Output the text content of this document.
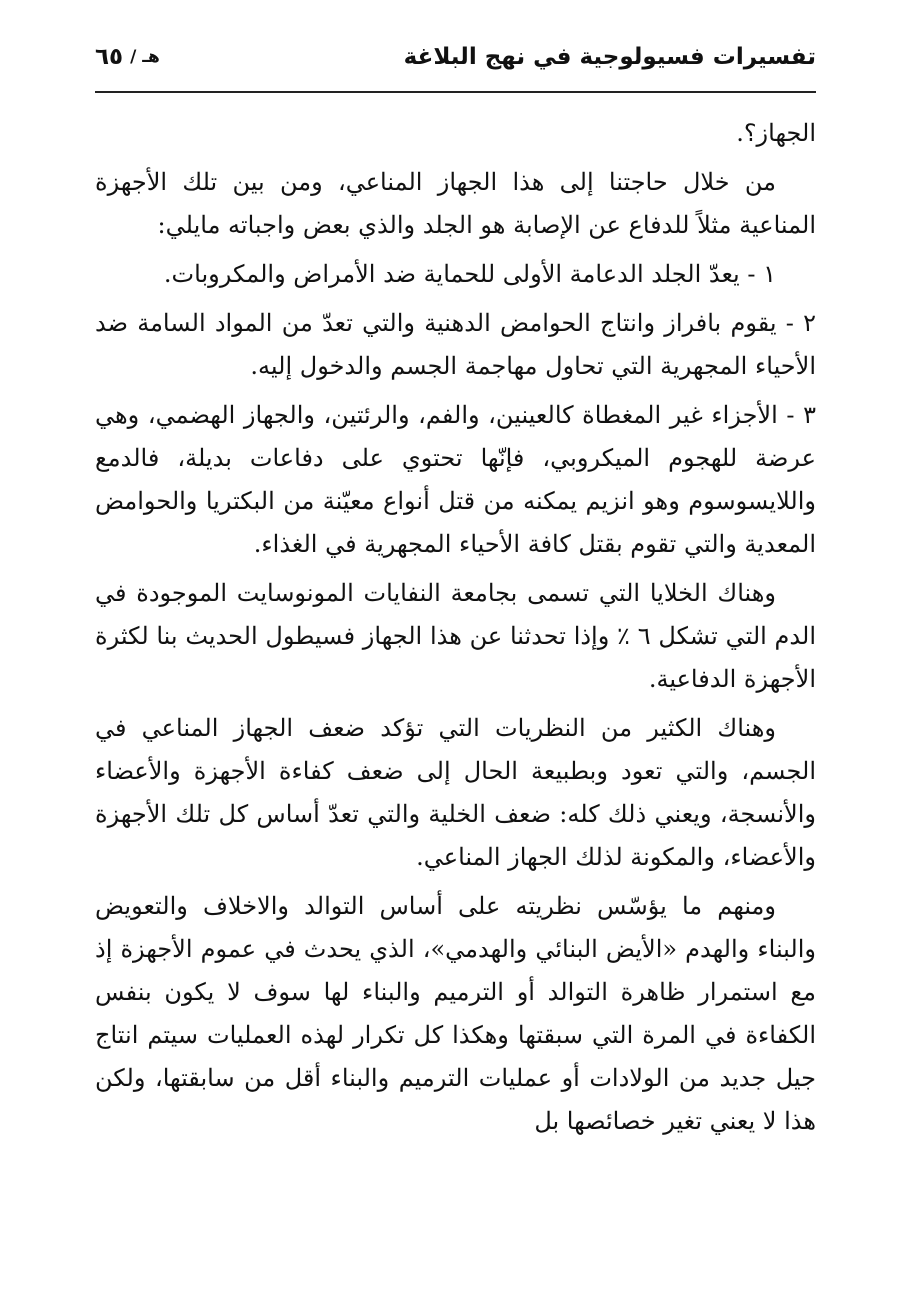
تفسيرات فسيولوجية في نهج البلاغة
هـ /
٦٥

الجهاز؟.

من خلال حاجتنا إلى هذا الجهاز المناعي، ومن بين تلك الأجهزة المناعية مثلاً للدفاع عن الإصابة هو الجلد والذي بعض واجباته مايلي:

١ - يعدّ الجلد الدعامة الأولى للحماية ضد الأمراض والمكروبات.

٢ - يقوم بافراز وانتاج الحوامض الدهنية والتي تعدّ من المواد السامة ضد الأحياء المجهرية التي تحاول مهاجمة الجسم والدخول إليه.

٣ - الأجزاء غير المغطاة كالعينين، والفم، والرئتين، والجهاز الهضمي، وهي عرضة للهجوم الميكروبي، فإنّها تحتوي على دفاعات بديلة، فالدمع واللايسوسوم وهو انزيم يمكنه من قتل أنواع معيّنة من البكتريا والحوامض المعدية والتي تقوم بقتل كافة الأحياء المجهرية في الغذاء.

وهناك الخلايا التي تسمى بجامعة النفايات المونوسايت الموجودة في الدم التي تشكل ٦ ٪ وإذا تحدثنا عن هذا الجهاز فسيطول الحديث بنا لكثرة الأجهزة الدفاعية.

وهناك الكثير من النظريات التي تؤكد ضعف الجهاز المناعي في الجسم، والتي تعود وبطبيعة الحال إلى ضعف كفاءة الأجهزة والأعضاء والأنسجة، ويعني ذلك كله: ضعف الخلية والتي تعدّ أساس كل تلك الأجهزة والأعضاء، والمكونة لذلك الجهاز المناعي.

ومنهم ما يؤسّس نظريته على أساس التوالد والاخلاف والتعويض والبناء والهدم «الأيض البنائي والهدمي»، الذي يحدث في عموم الأجهزة إذ مع استمرار ظاهرة التوالد أو الترميم والبناء لها سوف لا يكون بنفس الكفاءة في المرة التي سبقتها وهكذا كل تكرار لهذه العمليات سيتم انتاج جيل جديد من الولادات أو عمليات الترميم والبناء أقل من سابقتها، ولكن هذا لا يعني تغير خصائصها بل
